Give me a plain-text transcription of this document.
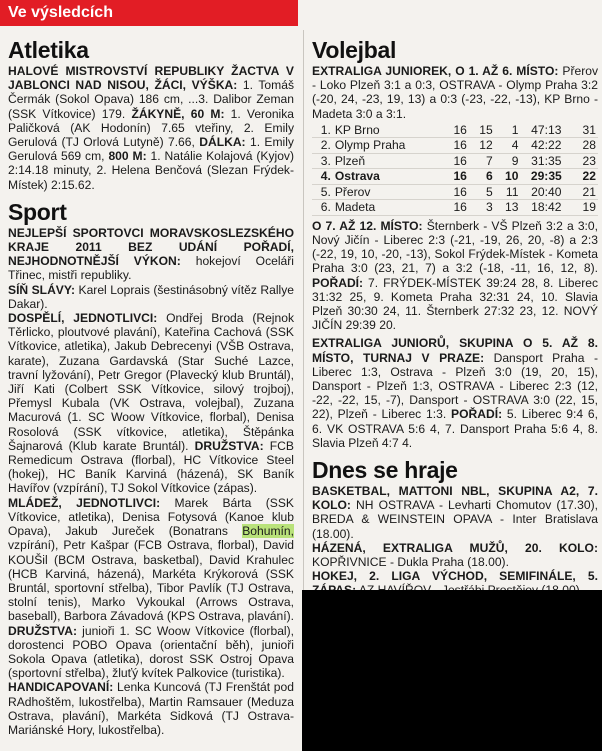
Ve výsledcích
Atletika

HALOVÉ MISTROVSTVÍ REPUBLIKY ŽACTVA V JABLONCI NAD NISOU, ŽÁCI, VÝŠKA: 1. Tomáš Čermák (Sokol Opava) 186 cm, ...3. Dalibor Zeman (SSK Vítkovice) 179. ŽÁKYNĚ, 60 M: 1. Veronika Paličková (AK Hodonín) 7.65 vteřiny, 2. Emily Gerulová (TJ Orlová Lutyně) 7.66, DÁLKA: 1. Emily Gerulová 569 cm, 800 M: 1. Natálie Kolajová (Kyjov) 2:14.18 minuty, 2. Helena Benčová (Slezan Frýdek-Místek) 2:15.62.

Sport

NEJLEPŠÍ SPORTOVCI MORAVSKOSLEZSKÉHO KRAJE 2011 BEZ UDÁNÍ POŘADÍ, NEJHODNOTNĚJŠÍ VÝKON: hokejoví Oceláři Třinec, mistři republiky.
SÍŇ SLÁVY: Karel Loprais (šestinásobný vítěz Rallye Dakar).
DOSPĚLÍ, JEDNOTLIVCI: Ondřej Broda (Rejnok Těrlicko, ploutvové plavání), Kateřina Cachová (SSK Vítkovice, atletika), Jakub Debrecenyi (VŠB Ostrava, karate), Zuzana Gardavská (Star Suché Lazce, travní lyžování), Petr Gregor (Plavecký klub Bruntál), Jiří Kati (Colbert SSK Vítkovice, silový trojboj), Přemysl Kubala (VK Ostrava, volejbal), Zuzana Macurová (1. SC Woow Vítkovice, florbal), Denisa Rosolová (SSK vítkovice, atletika), Štěpánka Šajnarová (Klub karate Bruntál). DRUŽSTVA: FCB Remedicum Ostrava (florbal), HC Vítkovice Steel (hokej), HC Baník Karviná (házená), SK Baník Havířov (vzpírání), TJ Sokol Vítkovice (zápas).
MLÁDEŽ, JEDNOTLIVCI: Marek Bárta (SSK Vítkovice, atletika), Denisa Fotysová (Kanoe klub Opava), Jakub Jureček (Bonatrans Bohumín, vzpírání), Petr Kašpar (FCB Ostrava, florbal), David KOUŠil (BCM Ostrava, basketbal), David Krahulec (HCB Karviná, házená), Markéta Krýkorová (SSK Bruntál, sportovní střelba), Tibor Pavlík (TJ Ostrava, stolní tenis), Marko Vykoukal (Arrows Ostrava, baseball), Barbora Závadová (KPS Ostrava, plavání). DRUŽSTVA: junioři 1. SC Woow Vítkovice (florbal), dorostenci POBO Opava (orientační běh), junioři Sokola Opava (atletika), dorost SSK Ostroj Opava (sportovní střelba), žluťý kvítek Palkovice (turistika).
HANDICAPOVANÍ: Lenka Kuncová (TJ Frenštát pod RAdhoštěm, lukostřelba), Martin Ramsauer (Meduza Ostrava, plavání), Markéta Sidková (TJ Ostrava-Mariánské Hory, lukostřelba).

Volejbal

EXTRALIGA JUNIOREK, O 1. AŽ 6. MÍSTO: Přerov - Loko Plzeň 3:1 a 0:3, OSTRAVA - Olymp Praha 3:2 (-20, 24, -23, 19, 13) a 0:3 (-23, -22, -13), KP Brno - Madeta 3:0 a 3:1.

1.	KP Brno	16	15	1	47:13	31
2.	Olymp Praha	16	12	4	42:22	28
3.	Plzeň	16	7	9	31:35	23
4.	Ostrava	16	6	10	29:35	22
5.	Přerov	16	5	11	20:40	21
6.	Madeta	16	3	13	18:42	19

O 7. AŽ 12. MÍSTO: Šternberk - VŠ Plzeň 3:2 a 3:0, Nový Jičín - Liberec 2:3 (-21, -19, 26, 20, -8) a 2:3 (-22, 19, 10, -20, -13), Sokol Frýdek-Místek - Kometa Praha 3:0 (23, 21, 7) a 3:2 (-18, -11, 16, 12, 8). POŘADÍ: 7. FRÝDEK-MÍSTEK 39:24 28, 8. Liberec 31:32 25, 9. Kometa Praha 32:31 24, 10. Slavia Plzeň 30:30 24, 11. Šternberk 27:32 23, 12. NOVÝ JIČÍN 29:39 20.

EXTRALIGA JUNIORŮ, SKUPINA O 5. AŽ 8. MÍSTO, TURNAJ V PRAZE: Dansport Praha - Liberec 1:3, Ostrava - Plzeň 3:0 (19, 20, 15), Dansport - Plzeň 1:3, OSTRAVA - Liberec 2:3 (12, -22, -22, 15, -7), Dansport - OSTRAVA 3:0 (22, 15, 22), Plzeň - Liberec 1:3. POŘADÍ: 5. Liberec 9:4 6, 6. VK OSTRAVA 5:6 4, 7. Dansport Praha 5:6 4, 8. Slavia Plzeň 4:7 4.

Dnes se hraje

BASKETBAL, MATTONI NBL, SKUPINA A2, 7. KOLO: NH OSTRAVA - Levharti Chomutov (17.30), BREDA & WEINSTEIN OPAVA - Inter Bratislava (18.00).

HÁZENÁ, EXTRALIGA MUŽŮ, 20. KOLO: KOPŘIVNICE - Dukla Praha (18.00).

HOKEJ, 2. LIGA VÝCHOD, SEMIFINÁLE, 5.
